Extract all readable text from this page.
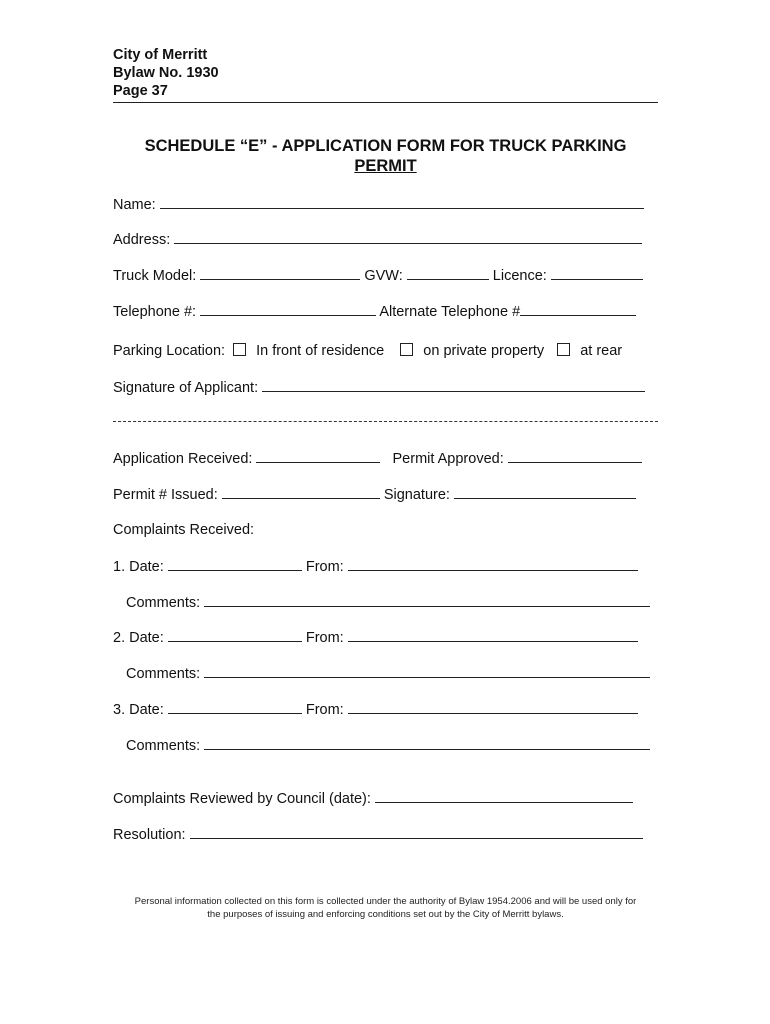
City of Merritt
Bylaw No. 1930
Page 37
SCHEDULE “E” - APPLICATION FORM FOR TRUCK PARKING
PERMIT
Name:
Address:
Truck Model:	GVW:	Licence:
Telephone #:	Alternate Telephone #
Parking Location: In front of residence	on private property at rear
Signature of Applicant:
Application Received:	Permit Approved:
Permit # Issued:	Signature:
Complaints Received:
1. Date:	From:
Comments:
2. Date:	From:
Comments:
3. Date:	From:
Comments:
Complaints Reviewed by Council (date):
Resolution:
Personal information collected on this form is collected under the authority of Bylaw 1954.2006 and will be used only for
the purposes of issuing and enforcing conditions set out by the City of Merritt bylaws.
